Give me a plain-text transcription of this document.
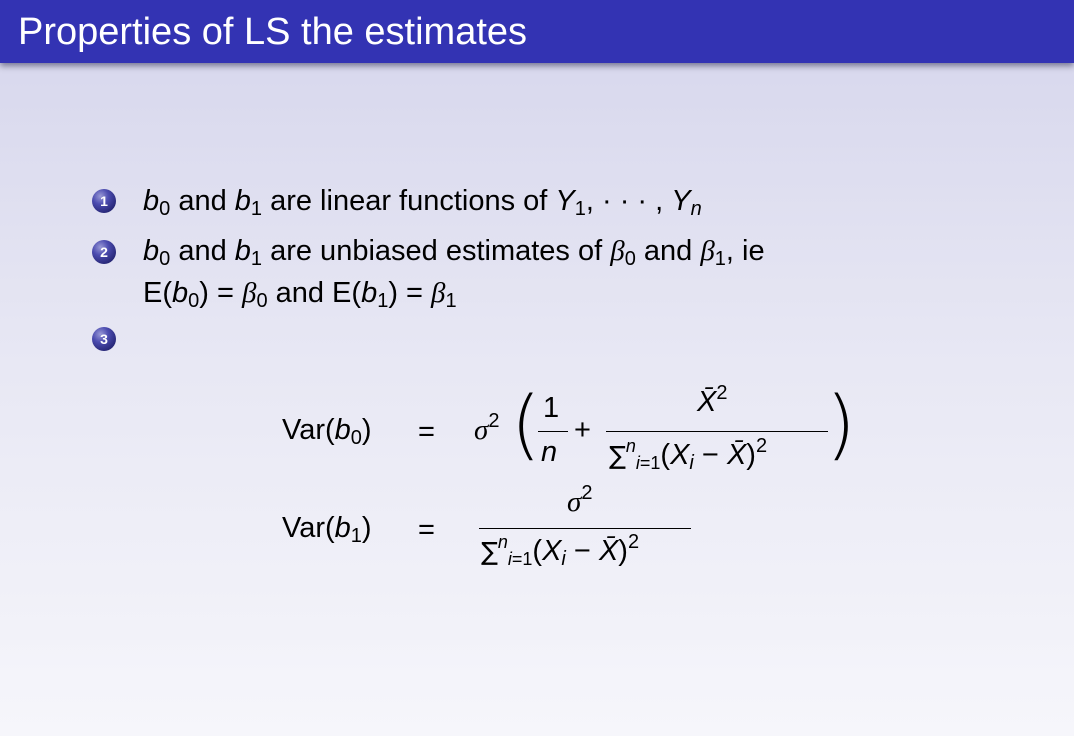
Properties of LS the estimates
1 $b_0$ and $b_1$ are linear functions of $Y_1$, · · · , $Y_n$
2 $b_0$ and $b_1$ are unbiased estimates of $\beta_0$ and $\beta_1$, ie
$E(b_0) = \beta_0$ and $E(b_1) = \beta_1$
3
$Var(b_0) = \sigma^2$ ( 1
n
+
X̄$^2$
$\sum^n_{i=1}(X_i$ − X̄)$^2$ )
$Var(b_1)$ =
$\sigma^2$
$\sum^n_{i=1}(X_i$ − X̄)$^2$
